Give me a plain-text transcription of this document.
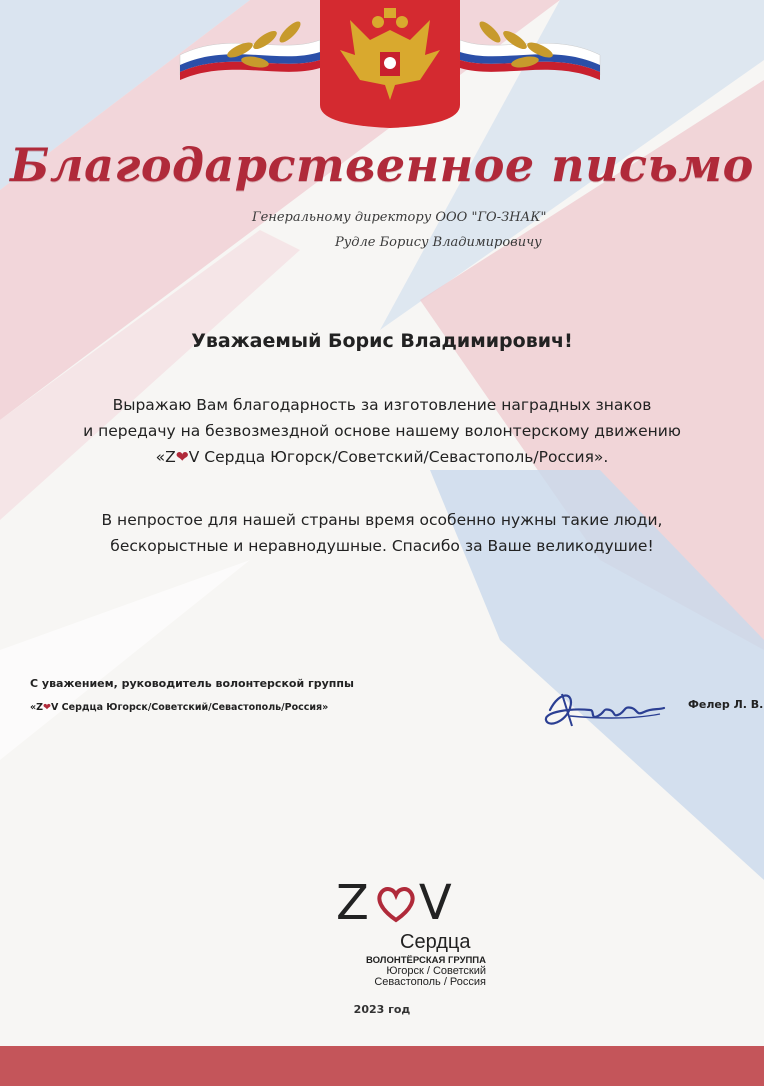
Благодарственное письмо
Генеральному директору ООО "ГО-ЗНАК"
Рудле Борису Владимировичу
Уважаемый Борис Владимирович!
Выражаю Вам благодарность за изготовление наградных знаков
и передачу на безвозмездной основе нашему волонтерскому движению
«Z❤V Сердца Югорск/Советский/Севастополь/Россия».
В непростое для нашей страны время особенно нужны такие люди,
бескорыстные и неравнодушные. Спасибо за Ваше великодушие!
С уважением, руководитель волонтерской группы
«Z❤V Сердца Югорск/Советский/Севастополь/Россия»	Фелер Л. В.
Z V
Сердца
ВОЛОНТЁРСКАЯ ГРУППА
Югорск / Советский
Севастополь / Россия
2023 год
